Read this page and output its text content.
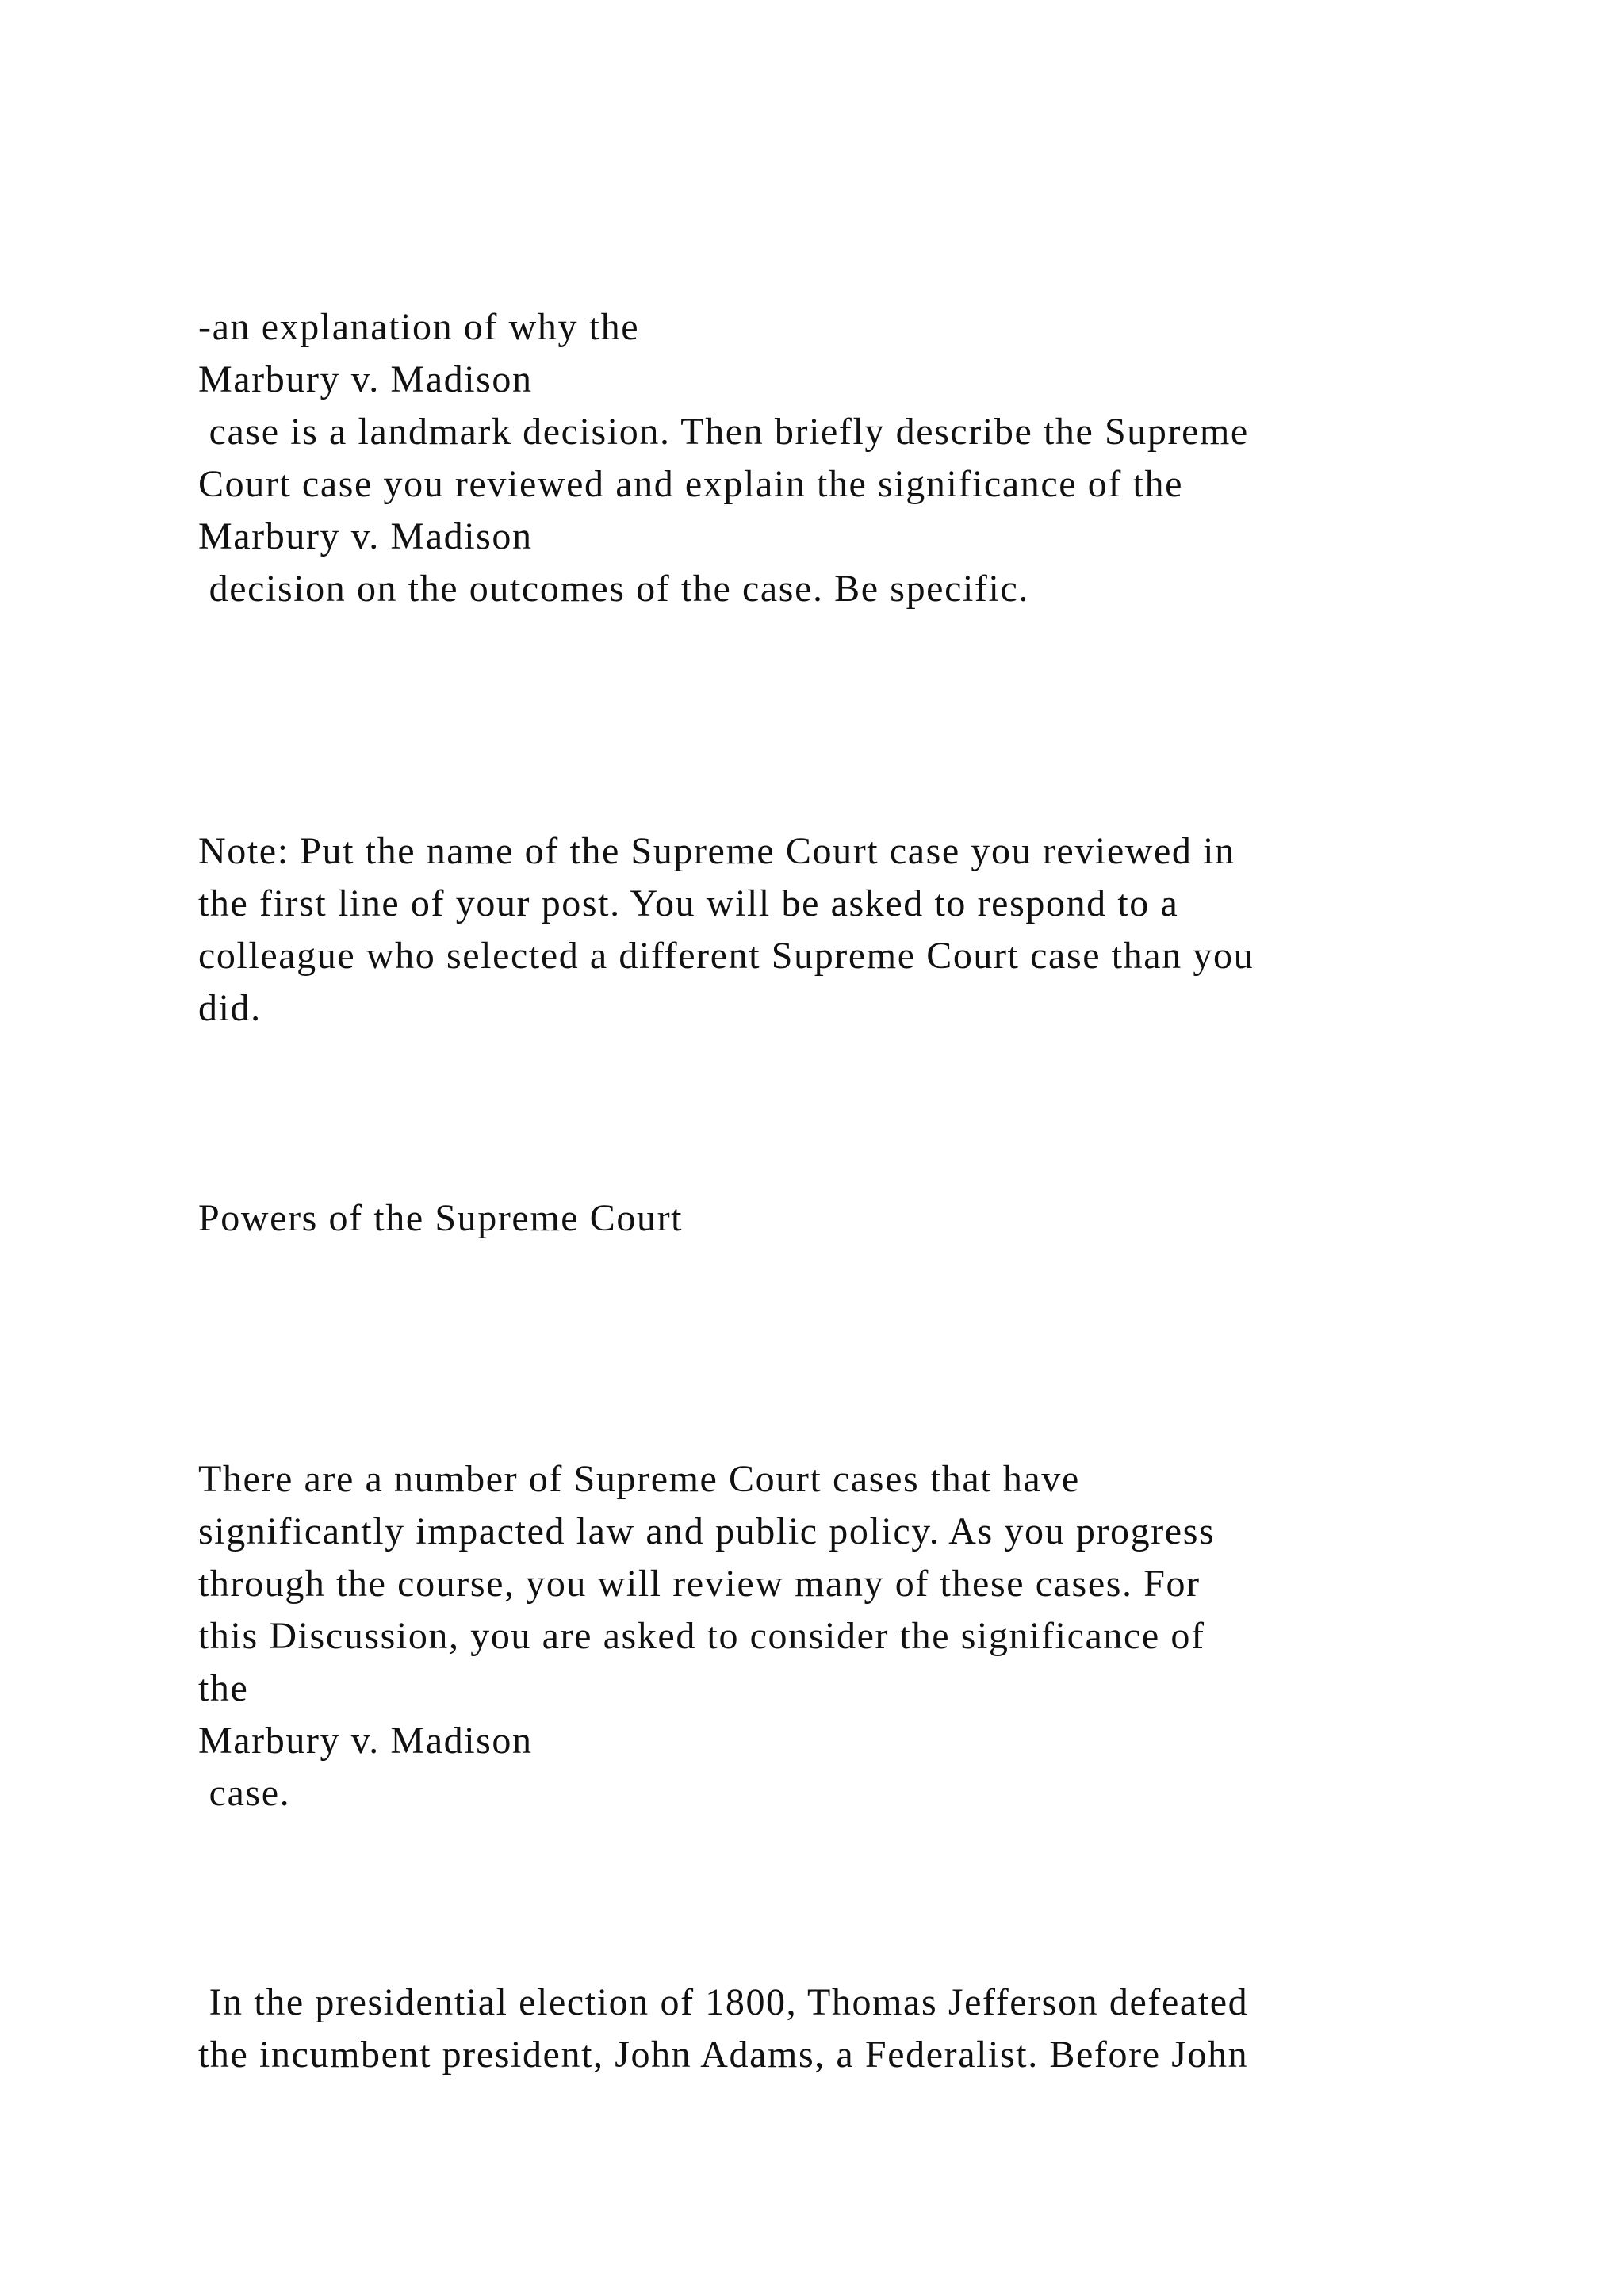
-an explanation of why the

Marbury v. Madison

case is a landmark decision. Then briefly describe the Supreme

Court case you reviewed and explain the significance of the

Marbury v. Madison

decision on the outcomes of the case. Be specific.

Note: Put the name of the Supreme Court case you reviewed in

the first line of your post. You will be asked to respond to a

colleague who selected a different Supreme Court case than you

did.

Powers of the Supreme Court

There are a number of Supreme Court cases that have

significantly impacted law and public policy. As you progress

through the course, you will review many of these cases. For

this Discussion, you are asked to consider the significance of

the

Marbury v. Madison

case.

In the presidential election of 1800, Thomas Jefferson defeated

the incumbent president, John Adams, a Federalist. Before John
